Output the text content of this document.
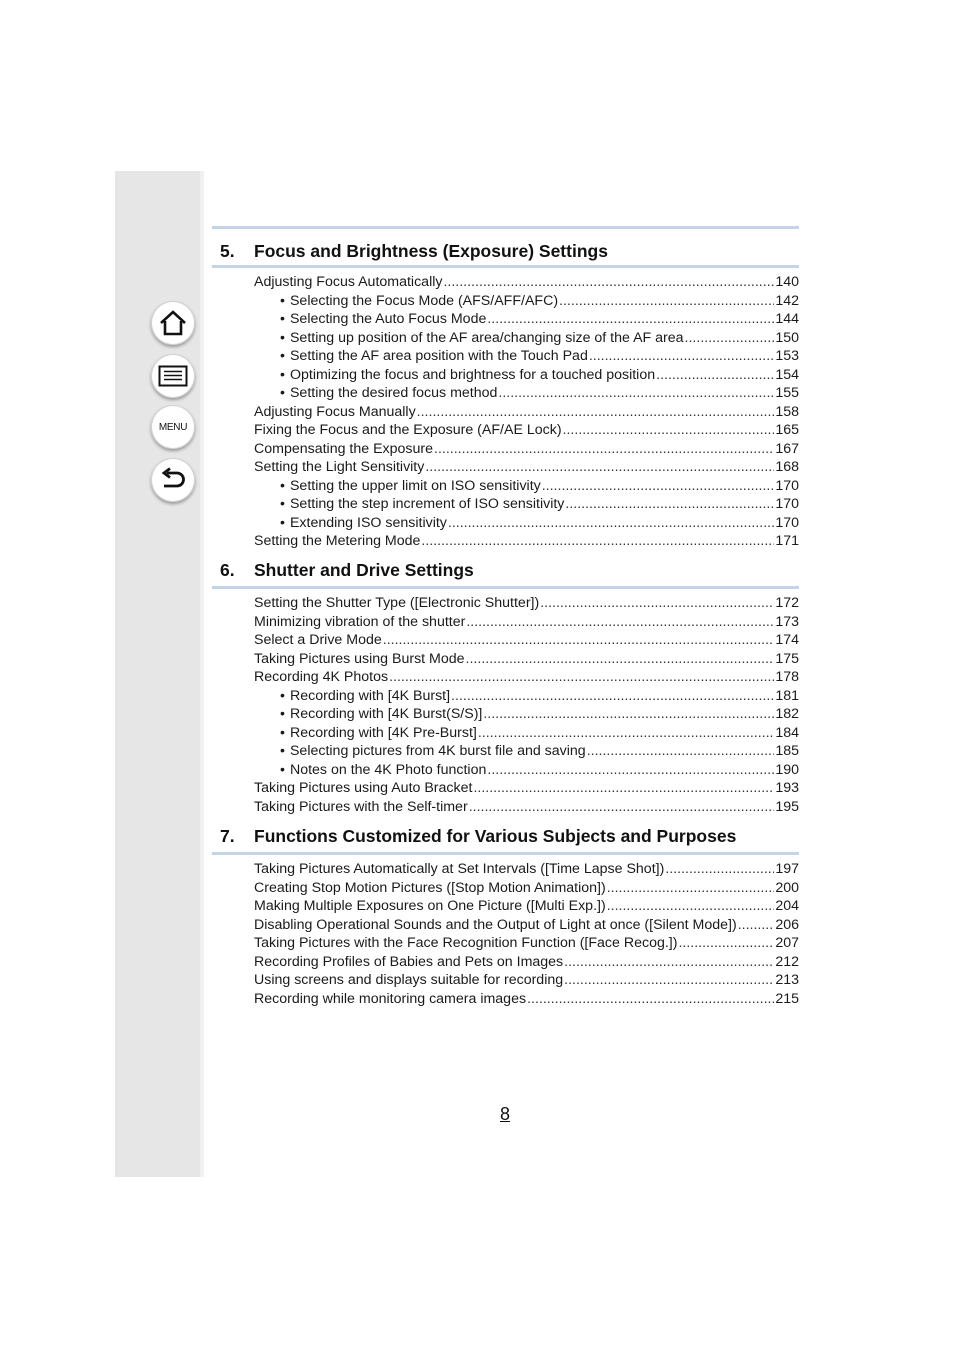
MENU
5. Focus and Brightness (Exposure) Settings
Adjusting Focus Automatically .....	140
• Selecting the Focus Mode (AFS/AFF/AFC) .....	142
• Selecting the Auto Focus Mode .....	144
• Setting up position of the AF area/changing size of the AF area .....	150
• Setting the AF area position with the Touch Pad .....	153
• Optimizing the focus and brightness for a touched position .....	154
• Setting the desired focus method .....	155
Adjusting Focus Manually .....	158
Fixing the Focus and the Exposure (AF/AE Lock) .....	165
Compensating the Exposure .....	167
Setting the Light Sensitivity .....	168
• Setting the upper limit on ISO sensitivity .....	170
• Setting the step increment of ISO sensitivity .....	170
• Extending ISO sensitivity .....	170
Setting the Metering Mode .....	171
6. Shutter and Drive Settings
Setting the Shutter Type ([Electronic Shutter]) .....	172
Minimizing vibration of the shutter .....	173
Select a Drive Mode .....	174
Taking Pictures using Burst Mode .....	175
Recording 4K Photos .....	178
• Recording with [4K Burst] .....	181
• Recording with [4K Burst(S/S)] .....	182
• Recording with [4K Pre-Burst] .....	184
• Selecting pictures from 4K burst file and saving .....	185
• Notes on the 4K Photo function .....	190
Taking Pictures using Auto Bracket .....	193
Taking Pictures with the Self-timer .....	195
7. Functions Customized for Various Subjects and Purposes
Taking Pictures Automatically at Set Intervals ([Time Lapse Shot]) .....	197
Creating Stop Motion Pictures ([Stop Motion Animation]) .....	200
Making Multiple Exposures on One Picture ([Multi Exp.]) .....	204
Disabling Operational Sounds and the Output of Light at once ([Silent Mode]) .....	206
Taking Pictures with the Face Recognition Function ([Face Recog.]) .....	207
Recording Profiles of Babies and Pets on Images .....	212
Using screens and displays suitable for recording .....	213
Recording while monitoring camera images .....	215
8
